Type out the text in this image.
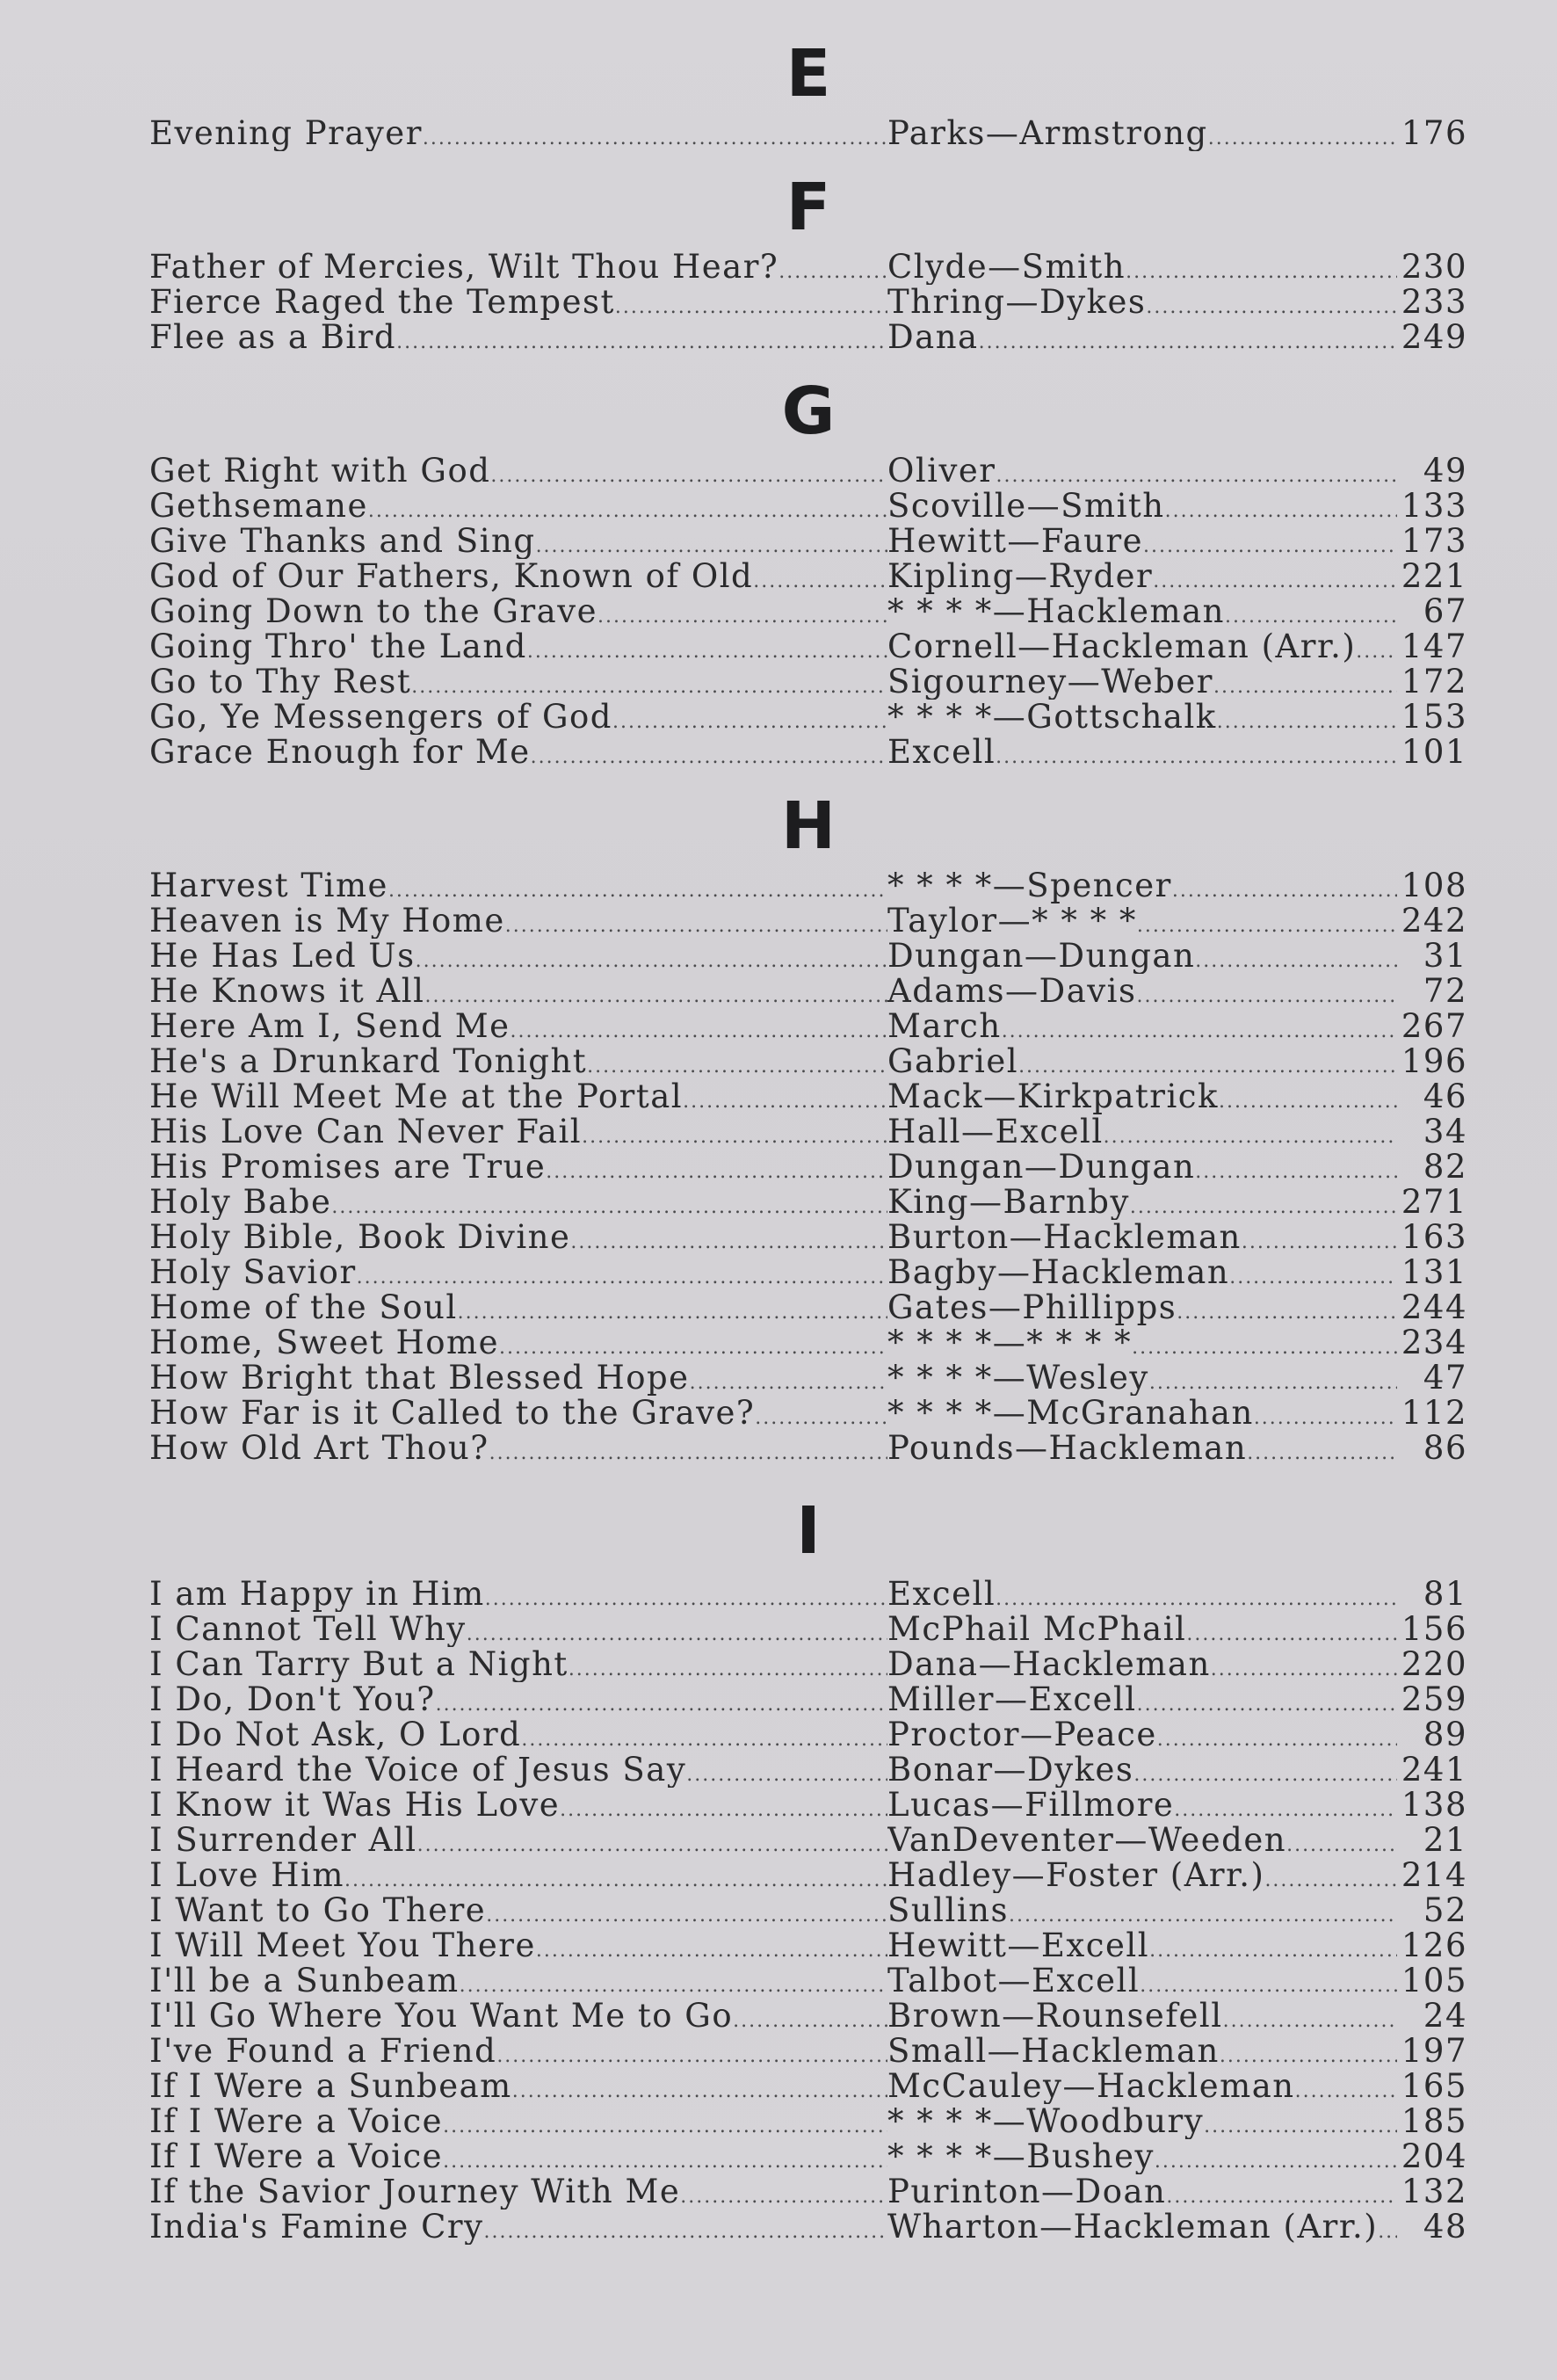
E
Evening Prayer .....	Parks—Armstrong .....	176
F
Father of Mercies, Wilt Thou Hear? .....	Clyde—Smith .....	230
Fierce Raged the Tempest .....	Thring—Dykes .....	233
Flee as a Bird .....	Dana .....	249
G
Get Right with God .....	Oliver .....	49
Gethsemane .....	Scoville—Smith .....	133
Give Thanks and Sing .....	Hewitt—Faure .....	173
God of Our Fathers, Known of Old .....	Kipling—Ryder .....	221
Going Down to the Grave .....	* * * *—Hackleman .....	67
Going Thro' the Land .....	Cornell—Hackleman (Arr.) .....	147
Go to Thy Rest .....	Sigourney—Weber .....	172
Go, Ye Messengers of God .....	* * * *—Gottschalk .....	153
Grace Enough for Me .....	Excell .....	101
H
Harvest Time .....	* * * *—Spencer .....	108
Heaven is My Home .....	Taylor—* * * * .....	242
He Has Led Us .....	Dungan—Dungan .....	31
He Knows it All .....	Adams—Davis .....	72
Here Am I, Send Me .....	March .....	267
He's a Drunkard Tonight .....	Gabriel .....	196
He Will Meet Me at the Portal .....	Mack—Kirkpatrick .....	46
His Love Can Never Fail .....	Hall—Excell .....	34
His Promises are True .....	Dungan—Dungan .....	82
Holy Babe .....	King—Barnby .....	271
Holy Bible, Book Divine .....	Burton—Hackleman .....	163
Holy Savior .....	Bagby—Hackleman .....	131
Home of the Soul .....	Gates—Phillipps .....	244
Home, Sweet Home .....	* * * *—* * * * .....	234
How Bright that Blessed Hope .....	* * * *—Wesley .....	47
How Far is it Called to the Grave? .....	* * * *—McGranahan .....	112
How Old Art Thou? .....	Pounds—Hackleman .....	86
I
I am Happy in Him .....	Excell .....	81
I Cannot Tell Why .....	McPhail McPhail .....	156
I Can Tarry But a Night .....	Dana—Hackleman .....	220
I Do, Don't You? .....	Miller—Excell .....	259
I Do Not Ask, O Lord .....	Proctor—Peace .....	89
I Heard the Voice of Jesus Say .....	Bonar—Dykes .....	241
I Know it Was His Love .....	Lucas—Fillmore .....	138
I Surrender All .....	VanDeventer—Weeden .....	21
I Love Him .....	Hadley—Foster (Arr.) .....	214
I Want to Go There .....	Sullins .....	52
I Will Meet You There .....	Hewitt—Excell .....	126
I'll be a Sunbeam .....	Talbot—Excell .....	105
I'll Go Where You Want Me to Go .....	Brown—Rounsefell .....	24
I've Found a Friend .....	Small—Hackleman .....	197
If I Were a Sunbeam .....	McCauley—Hackleman .....	165
If I Were a Voice .....	* * * *—Woodbury .....	185
If I Were a Voice .....	* * * *—Bushey .....	204
If the Savior Journey With Me .....	Purinton—Doan .....	132
India's Famine Cry .....	Wharton—Hackleman (Arr.) .....	48
